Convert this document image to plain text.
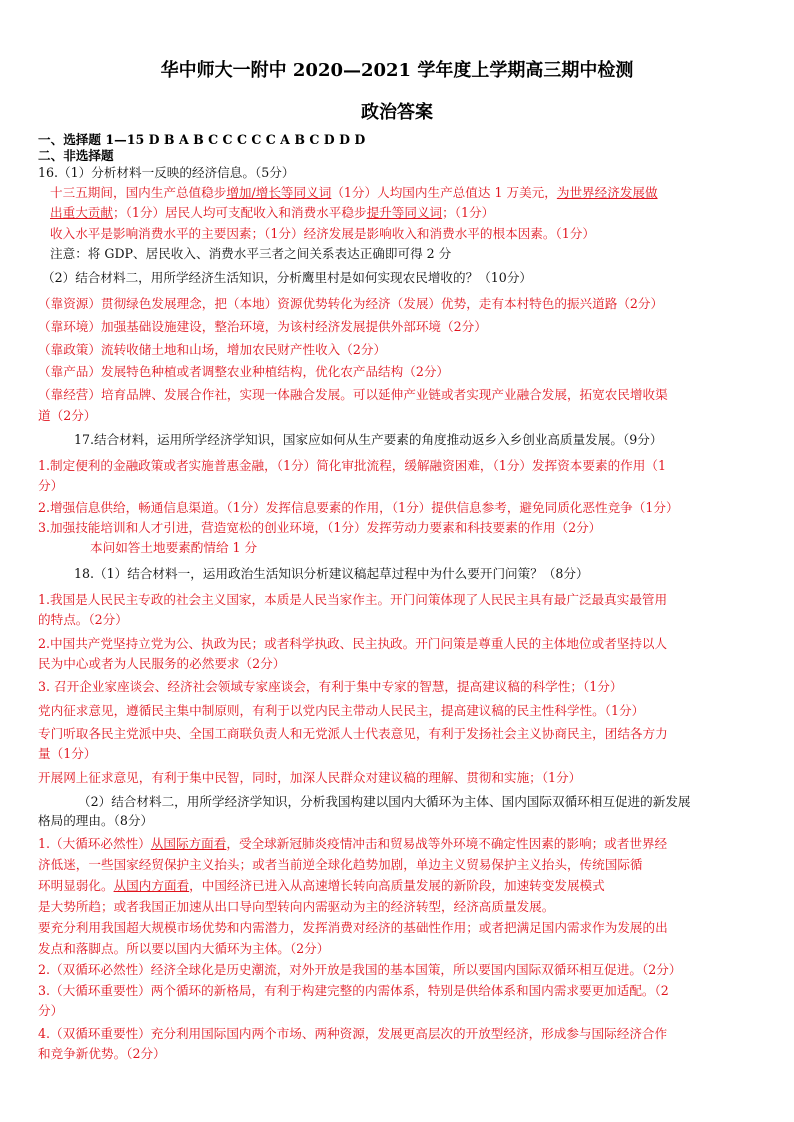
华中师大一附中 2020—2021 学年度上学期高三期中检测
政治答案
一、选择题 1—15 D B A B C C C C C A B C D D D
二、非选择题
16.（1）分析材料一反映的经济信息。（5分）
十三五期间，国内生产总值稳步增加/增长等同义词（1分）人均国内生产总值达 1 万美元，为世界经济发展做
出重大贡献；（1分）居民人均可支配收入和消费水平稳步提升等同义词；（1分）
收入水平是影响消费水平的主要因素；（1分）经济发展是影响收入和消费水平的根本因素。（1分）
注意：将 GDP、居民收入、消费水平三者之间关系表达正确即可得 2 分
（2）结合材料二，用所学经济生活知识，分析鹰里村是如何实现农民增收的？（10分）
（靠资源）贯彻绿色发展理念，把（本地）资源优势转化为经济（发展）优势，走有本村特色的振兴道路（2分）
（靠环境）加强基础设施建设，整治环境，为该村经济发展提供外部环境（2分）
（靠政策）流转收储土地和山场，增加农民财产性收入（2分）
（靠产品）发展特色种植或者调整农业种植结构，优化农产品结构（2分）
（靠经营）培育品牌、发展合作社，实现一体融合发展。可以延伸产业链或者实现产业融合发展，拓宽农民增收渠
道（2分）
17.结合材料，运用所学经济学知识，国家应如何从生产要素的角度推动返乡入乡创业高质量发展。（9分）
1.制定便利的金融政策或者实施普惠金融，（1分）简化审批流程，缓解融资困难，（1分）发挥资本要素的作用（1
分）
2.增强信息供给，畅通信息渠道。（1分）发挥信息要素的作用，（1分）提供信息参考，避免同质化恶性竞争（1分）
3.加强技能培训和人才引进，营造宽松的创业环境，（1分）发挥劳动力要素和科技要素的作用（2分）
本问如答土地要素酌情给 1 分
18.（1）结合材料一，运用政治生活知识分析建议稿起草过程中为什么要开门问策？（8分）
1.我国是人民民主专政的社会主义国家，本质是人民当家作主。开门问策体现了人民民主具有最广泛最真实最管用
的特点。（2分）
2.中国共产党坚持立党为公、执政为民；或者科学执政、民主执政。开门问策是尊重人民的主体地位或者坚持以人
民为中心或者为人民服务的必然要求（2分）
3. 召开企业家座谈会、经济社会领域专家座谈会，有利于集中专家的智慧，提高建议稿的科学性；（1分）
党内征求意见，遵循民主集中制原则，有利于以党内民主带动人民民主，提高建议稿的民主性科学性。（1分）
专门听取各民主党派中央、全国工商联负责人和无党派人士代表意见，有利于发扬社会主义协商民主，团结各方力
量（1分）
开展网上征求意见，有利于集中民智，同时，加深人民群众对建议稿的理解、贯彻和实施；（1分）
（2）结合材料二，用所学经济学知识，分析我国构建以国内大循环为主体、国内国际双循环相互促进的新发展
格局的理由。（8分）
1.（大循环必然性）从国际方面看，受全球新冠肺炎疫情冲击和贸易战等外环境不确定性因素的影响；或者世界经
济低迷，一些国家经贸保护主义抬头；或者当前逆全球化趋势加剧，单边主义贸易保护主义抬头，传统国际循
环明显弱化。从国内方面看，中国经济已进入从高速增长转向高质量发展的新阶段，加速转变发展模式
是大势所趋；或者我国正加速从出口导向型转向内需驱动为主的经济转型，经济高质量发展。
要充分利用我国超大规模市场优势和内需潜力，发挥消费对经济的基础性作用；或者把满足国内需求作为发展的出
发点和落脚点。所以要以国内大循环为主体。（2分）
2.（双循环必然性）经济全球化是历史潮流，对外开放是我国的基本国策，所以要国内国际双循环相互促进。（2分）
3.（大循环重要性）两个循环的新格局，有利于构建完整的内需体系，特别是供给体系和国内需求要更加适配。（2
分）
4.（双循环重要性）充分利用国际国内两个市场、两种资源，发展更高层次的开放型经济，形成参与国际经济合作
和竞争新优势。（2分）
